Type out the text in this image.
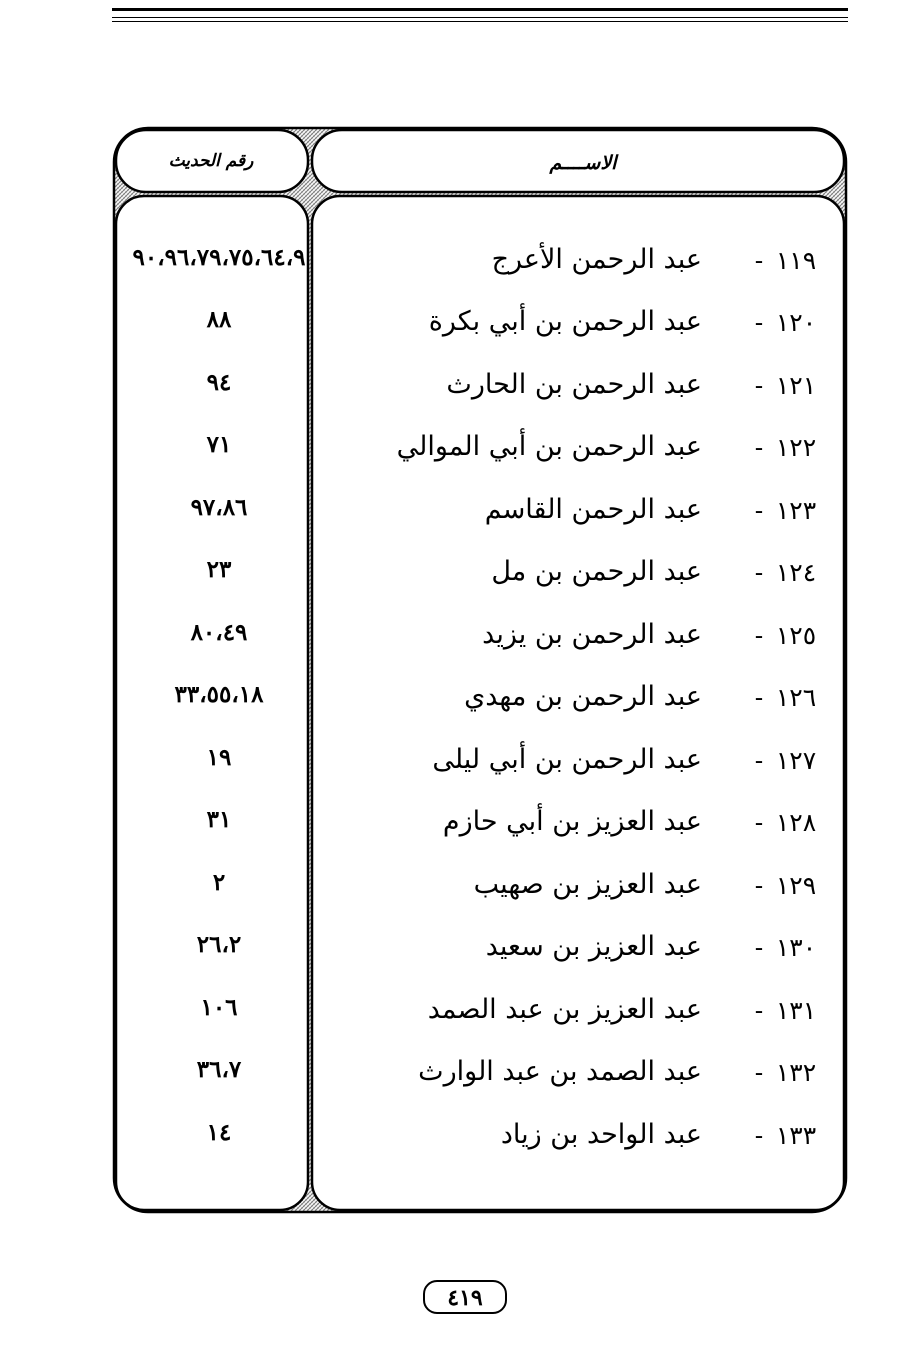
الاســــم
رقم الحديث
١١٩
-
عبد الرحمن الأعرج
٩٠،٩٦،٧٩،٧٥،٦٤،٩
١٢٠
-
عبد الرحمن بن أبي بكرة
٨٨
١٢١
-
عبد الرحمن بن الحارث
٩٤
١٢٢
-
عبد الرحمن بن أبي الموالي
٧١
١٢٣
-
عبد الرحمن القاسم
٩٧،٨٦
١٢٤
-
عبد الرحمن بن مل
٢٣
١٢٥
-
عبد الرحمن بن يزيد
٨٠،٤٩
١٢٦
-
عبد الرحمن بن مهدي
٣٣،٥٥،١٨
١٢٧
-
عبد الرحمن بن أبي ليلى
١٩
١٢٨
-
عبد العزيز بن أبي حازم
٣١
١٢٩
-
عبد العزيز بن صهيب
٢
١٣٠
-
عبد العزيز بن سعيد
٢٦،٢
١٣١
-
عبد العزيز بن عبد الصمد
١٠٦
١٣٢
-
عبد الصمد بن عبد الوارث
٣٦،٧
١٣٣
-
عبد الواحد بن زياد
١٤
٤١٩
